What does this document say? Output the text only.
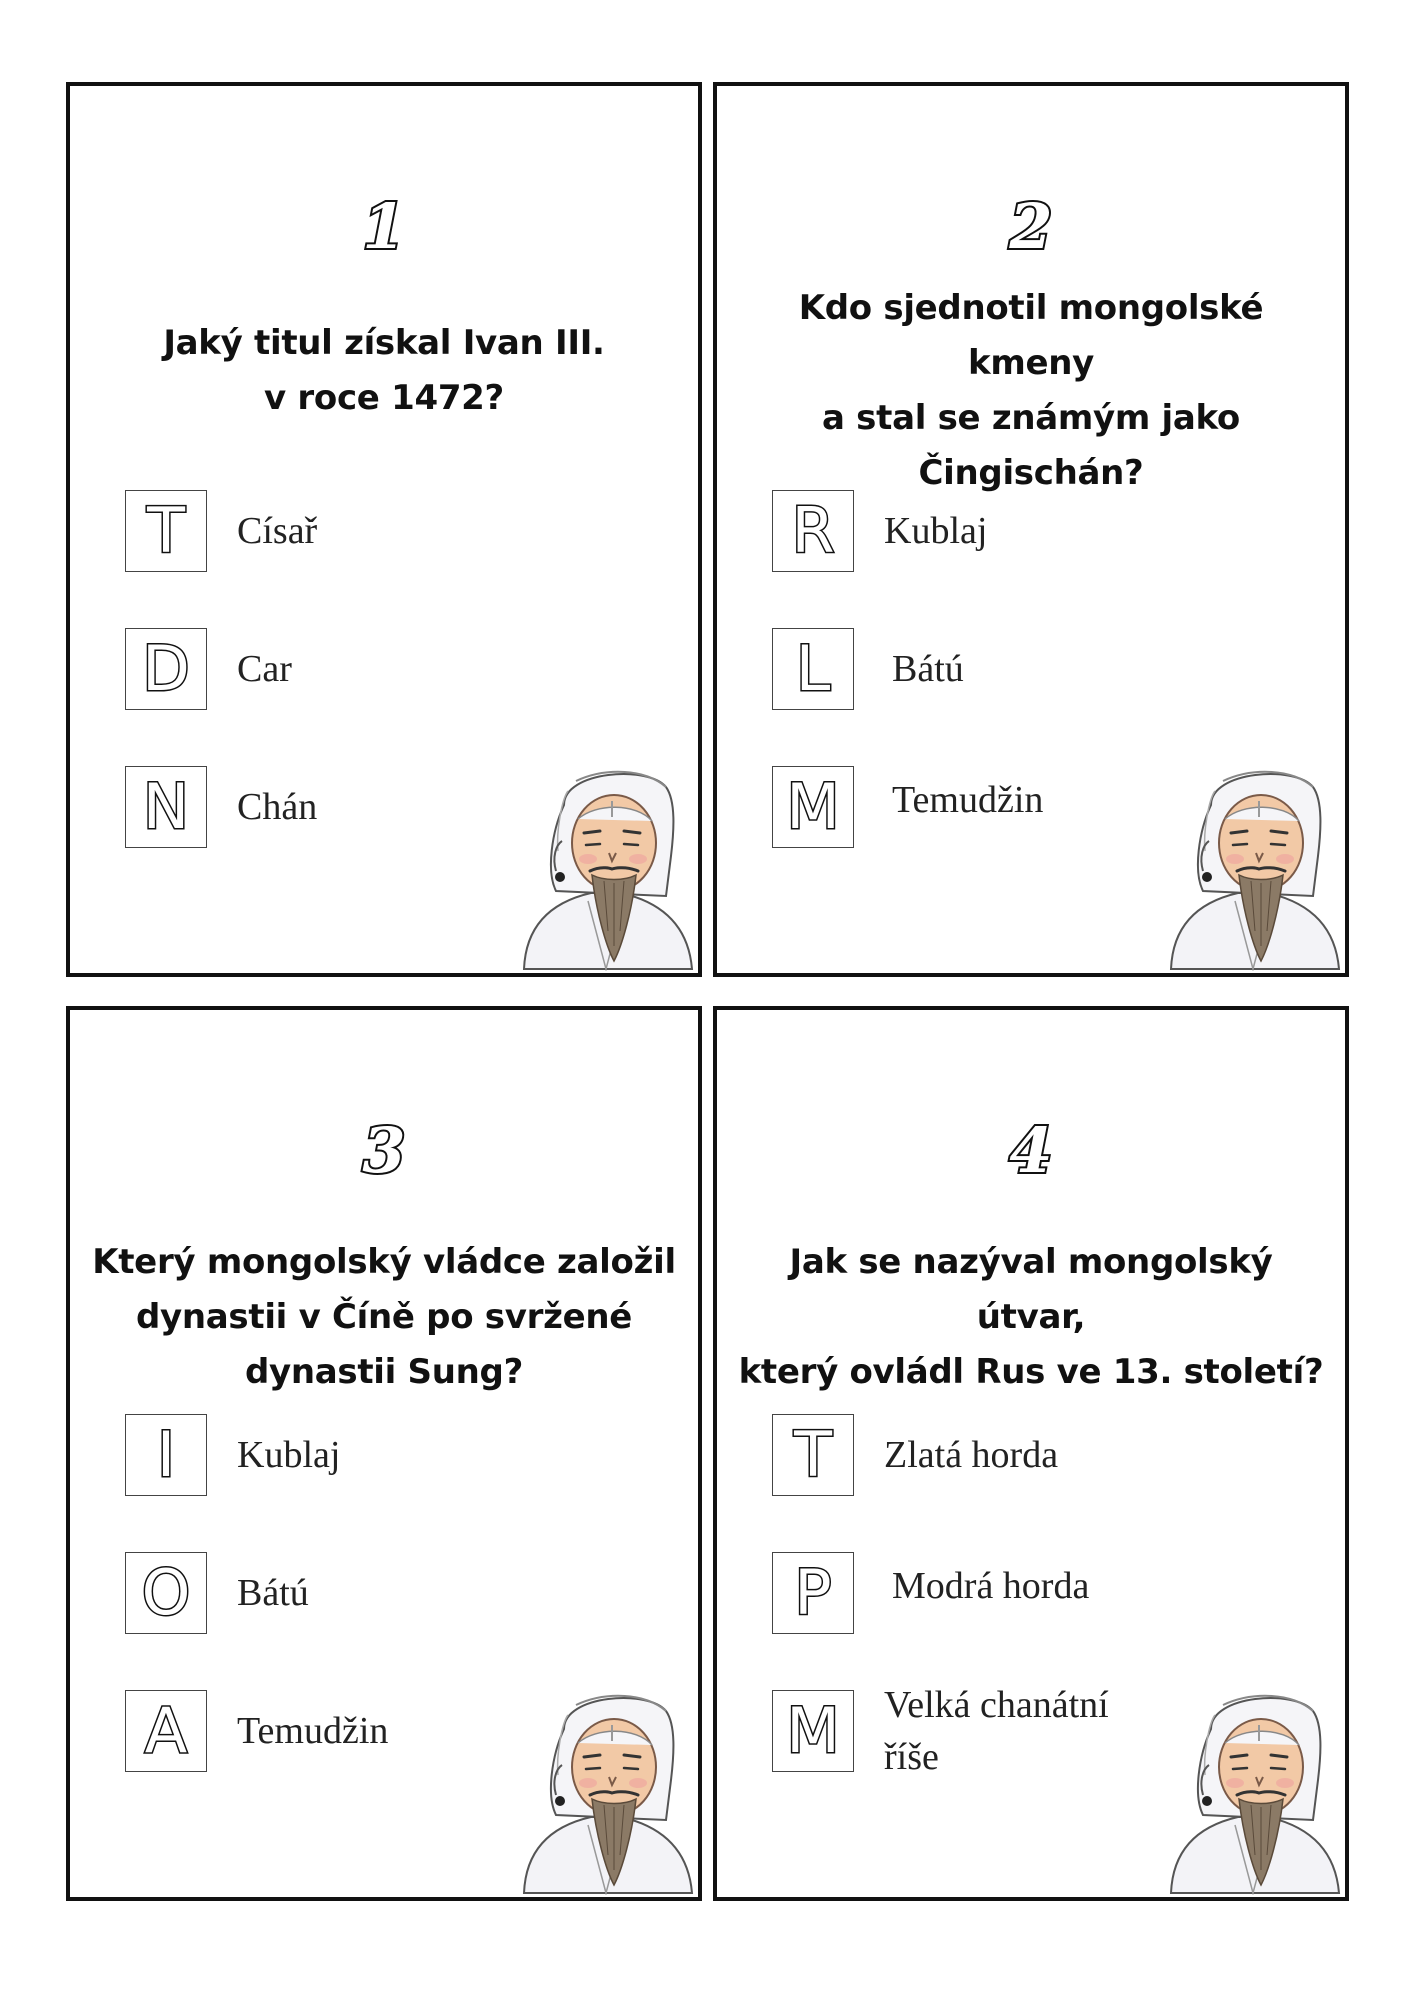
1
Jaký titul získal Ivan III.
v roce 1472?
T Císař
D Car
N Chán
2
Kdo sjednotil mongolské kmeny
a stal se známým jako
Čingischán?
R Kublaj
L Bátú
M Temudžin
3
Který mongolský vládce založil
dynastii v Číně po svržené
dynastii Sung?
I Kublaj
O Bátú
A Temudžin
4
Jak se nazýval mongolský útvar,
který ovládl Rus ve 13. století?
T Zlatá horda
P Modrá horda
M Velká chanátní říše
